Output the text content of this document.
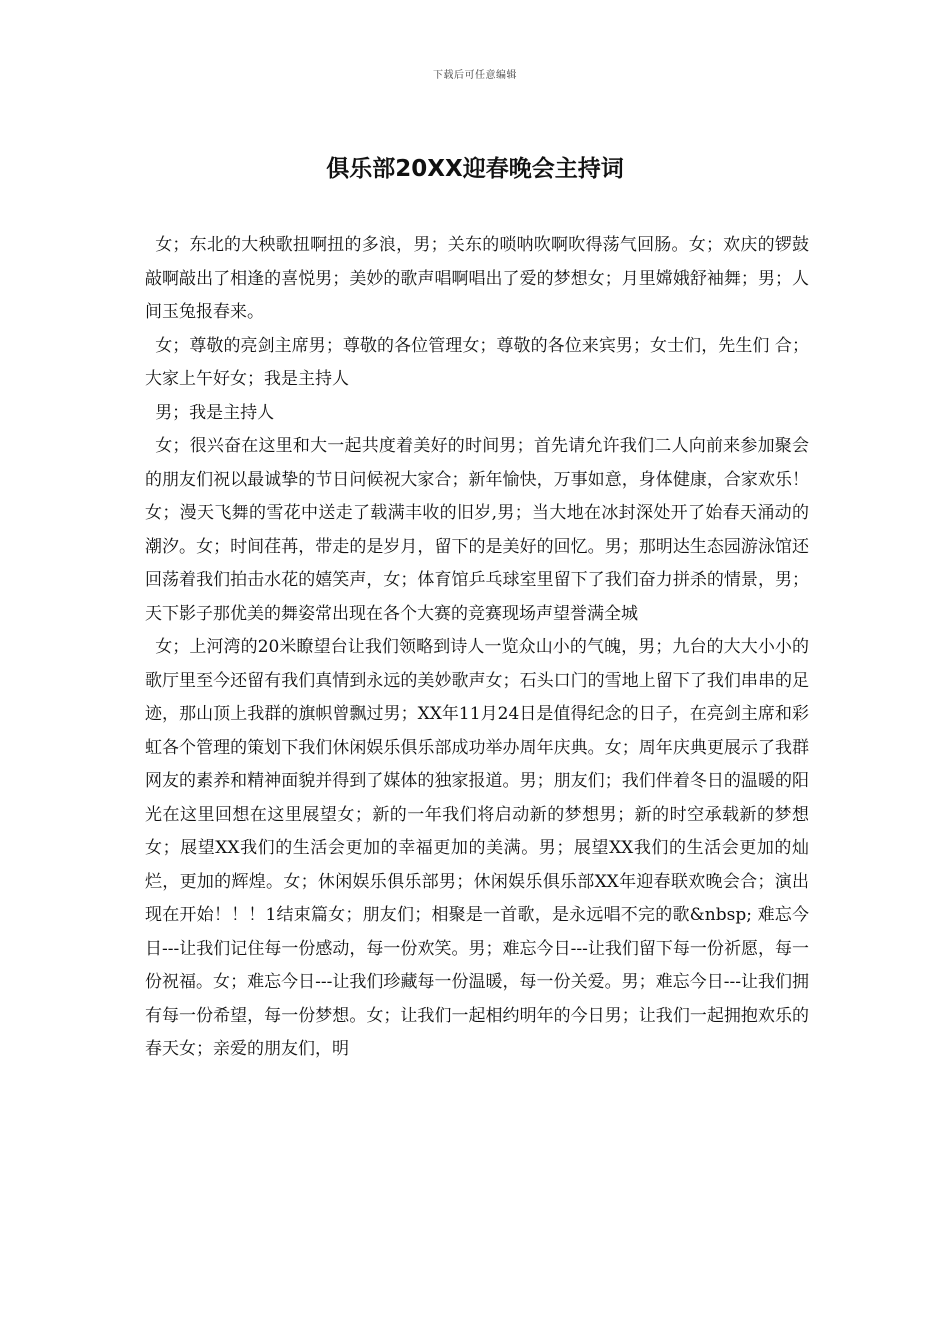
下载后可任意编辑
俱乐部20XX迎春晚会主持词

女；东北的大秧歌扭啊扭的多浪，男；关东的唢呐吹啊吹得荡气回肠。女；欢庆的锣鼓敲啊敲出了相逢的喜悦男；美妙的歌声唱啊唱出了爱的梦想女；月里嫦娥舒袖舞；男；人间玉兔报春来。

女；尊敬的亮剑主席男；尊敬的各位管理女；尊敬的各位来宾男；女士们，先生们 合； 大家上午好女；我是主持人

男；我是主持人

女；很兴奋在这里和大一起共度着美好的时间男；首先请允许我们二人向前来参加聚会的朋友们祝以最诚挚的节日问候祝大家合；新年愉快，万事如意，身体健康，合家欢乐！女；漫天飞舞的雪花中送走了载满丰收的旧岁,男；当大地在冰封深处开了始春天涌动的潮汐。女；时间荏苒，带走的是岁月，留下的是美好的回忆。男；那明达生态园游泳馆还回荡着我们拍击水花的嬉笑声，女；体育馆乒乓球室里留下了我们奋力拼杀的情景，男；天下影子那优美的舞姿常出现在各个大赛的竞赛现场声望誉满全城

女；上河湾的20米瞭望台让我们领略到诗人一览众山小的气魄，男；九台的大大小小的歌厅里至今还留有我们真情到永远的美妙歌声女；石头口门的雪地上留下了我们串串的足迹，那山顶上我群的旗帜曾飘过男；XX年11月24日是值得纪念的日子，在亮剑主席和彩虹各个管理的策划下我们休闲娱乐俱乐部成功举办周年庆典。女；周年庆典更展示了我群网友的素养和精神面貌并得到了媒体的独家报道。男；朋友们；我们伴着冬日的温暖的阳光在这里回想在这里展望女；新的一年我们将启动新的梦想男；新的时空承载新的梦想女；展望XX我们的生活会更加的幸福更加的美满。男；展望XX我们的生活会更加的灿烂，更加的辉煌。女；休闲娱乐俱乐部男；休闲娱乐俱乐部XX年迎春联欢晚会合；演出现在开始！！！1结束篇女；朋友们；相聚是一首歌，是永远唱不完的歌&nbsp; 难忘今日---让我们记住每一份感动，每一份欢笑。男；难忘今日---让我们留下每一份祈愿，每一份祝福。女；难忘今日---让我们珍藏每一份温暖，每一份关爱。男；难忘今日---让我们拥有每一份希望，每一份梦想。女；让我们一起相约明年的今日男；让我们一起拥抱欢乐的春天女；亲爱的朋友们，明
